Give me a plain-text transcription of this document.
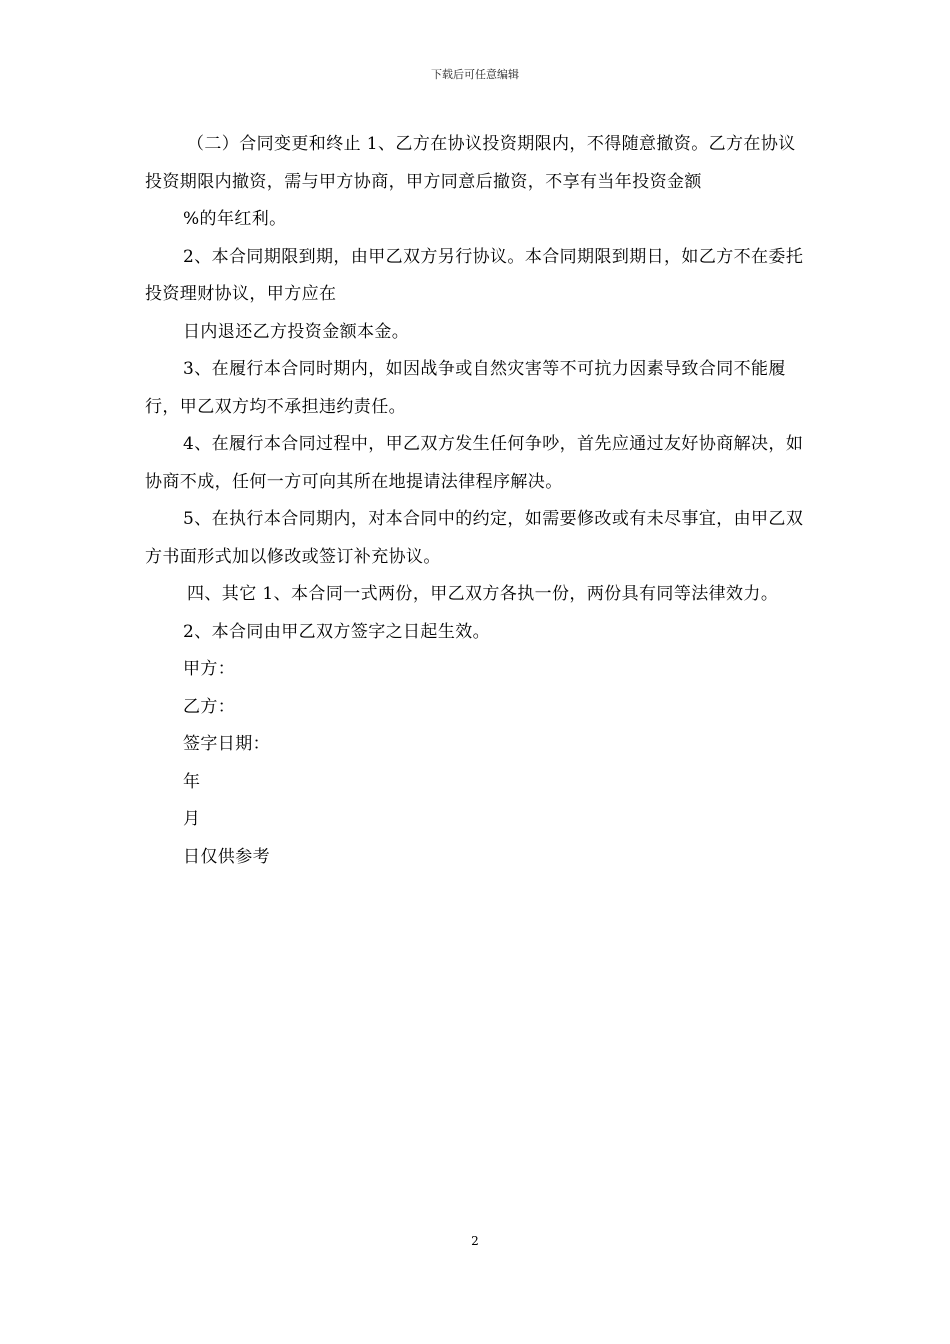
下载后可任意编辑

（二）合同变更和终止 1、乙方在协议投资期限内，不得随意撤资。乙方在协议投资期限内撤资，需与甲方协商，甲方同意后撤资，不享有当年投资金额

%的年红利。

2、本合同期限到期，由甲乙双方另行协议。本合同期限到期日，如乙方不在委托投资理财协议，甲方应在

日内退还乙方投资金额本金。

3、在履行本合同时期内，如因战争或自然灾害等不可抗力因素导致合同不能履行，甲乙双方均不承担违约责任。

4、在履行本合同过程中，甲乙双方发生任何争吵，首先应通过友好协商解决，如协商不成，任何一方可向其所在地提请法律程序解决。

5、在执行本合同期内，对本合同中的约定，如需要修改或有未尽事宜，由甲乙双方书面形式加以修改或签订补充协议。

四、其它 1、本合同一式两份，甲乙双方各执一份，两份具有同等法律效力。

2、本合同由甲乙双方签字之日起生效。

甲方：

乙方：

签字日期：

年

月

日仅供参考

2
